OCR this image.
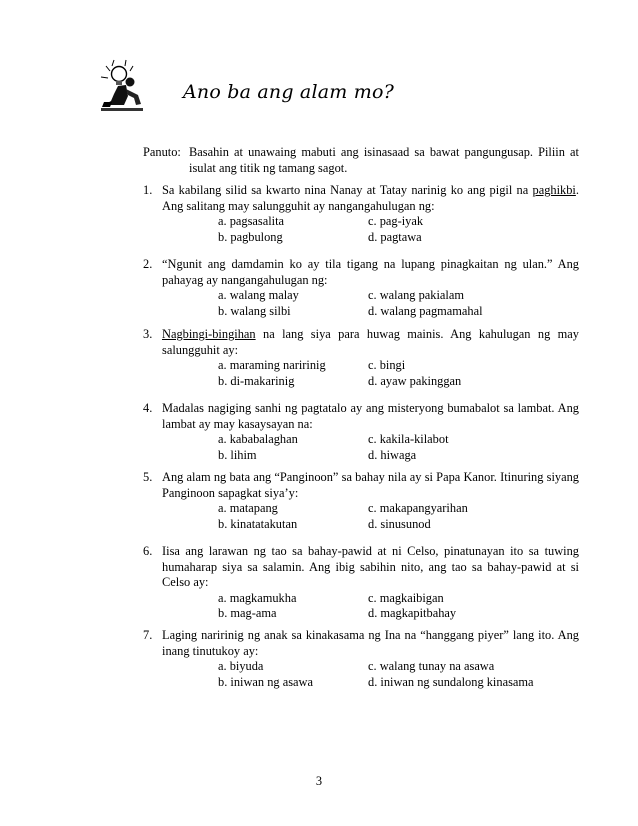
Ano ba ang alam mo?
Panuto: Basahin at unawaing mabuti ang isinasaad sa bawat pangungusap. Piliin at isulat ang titik ng tamang sagot.
1. Sa kabilang silid sa kwarto nina Nanay at Tatay narinig ko ang pigil na paghikbi. Ang salitang may salungguhit ay nangangahulugan ng:
a. pagsasalita	c. pag-iyak
b. pagbulong	d. pagtawa
2. “Ngunit ang damdamin ko ay tila tigang na lupang pinagkaitan ng ulan.” Ang pahayag ay nangangahulugan ng:
a. walang malay	c. walang pakialam
b. walang silbi	d. walang pagmamahal
3. Nagbingi-bingihan na lang siya para huwag mainis. Ang kahulugan ng may salungguhit ay:
a. maraming naririnig	c. bingi
b. di-makarinig	d. ayaw pakinggan
4. Madalas nagiging sanhi ng pagtatalo ay ang misteryong bumabalot sa lambat. Ang lambat ay may kasaysayan na:
a. kababalaghan	c. kakila-kilabot
b. lihim	d. hiwaga
5. Ang alam ng bata ang “Panginoon” sa bahay nila ay si Papa Kanor. Itinuring siyang Panginoon sapagkat siya’y:
a. matapang	c. makapangyarihan
b. kinatatakutan	d. sinusunod
6. Iisa ang larawan ng tao sa bahay-pawid at ni Celso, pinatunayan ito sa tuwing humaharap siya sa salamin. Ang ibig sabihin nito, ang tao sa bahay-pawid at si Celso ay:
a. magkamukha	c. magkaibigan
b. mag-ama	d. magkapitbahay
7. Laging naririnig ng anak sa kinakasama ng Ina na “hanggang piyer” lang ito. Ang inang tinutukoy ay:
a. biyuda	c. walang tunay na asawa
b. iniwan ng asawa	d. iniwan ng sundalong kinasama
3
